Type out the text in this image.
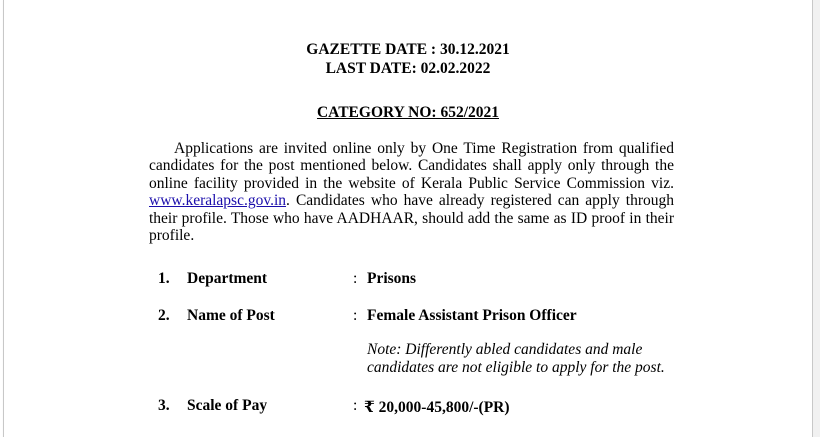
GAZETTE DATE : 30.12.2021
LAST DATE: 02.02.2022
CATEGORY NO: 652/2021
Applications are invited online only by One Time Registration from qualified candidates for the post mentioned below. Candidates shall apply only through the online facility provided in the website of Kerala Public Service Commission viz. www.keralapsc.gov.in. Candidates who have already registered can apply through their profile. Those who have AADHAAR, should add the same as ID proof in their profile.
1. Department	: Prisons
2. Name of Post	: Female Assistant Prison Officer
Note: Differently abled candidates and male candidates are not eligible to apply for the post.
3. Scale of Pay	: ₹ 20,000-45,800/-(PR)
